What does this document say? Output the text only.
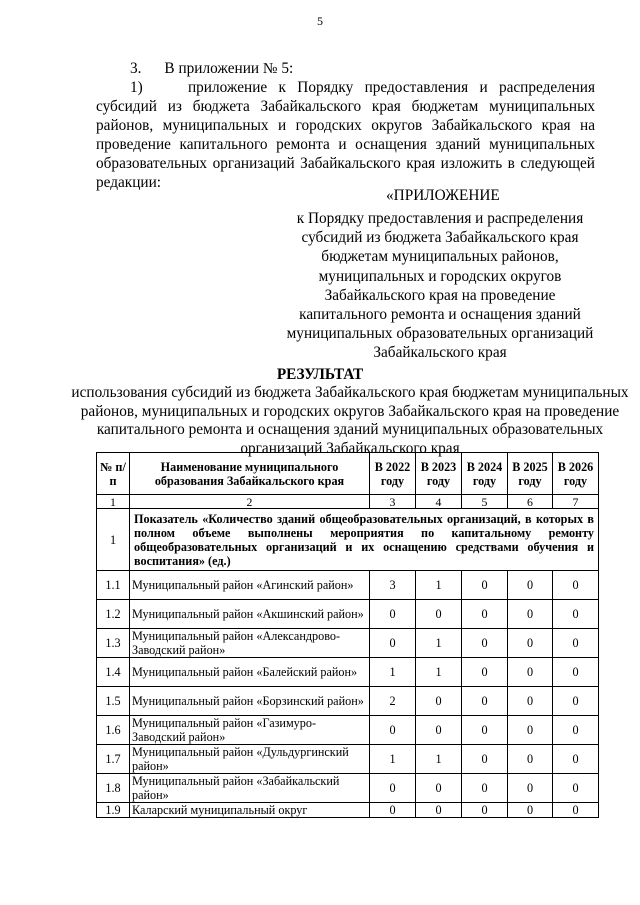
5
3.      В приложении № 5:
1)    приложение к Порядку предоставления и распределения
субсидий из бюджета Забайкальского края бюджетам муниципальных
районов, муниципальных и городских округов Забайкальского края на
проведение капитального ремонта и оснащения зданий муниципальных
образовательных организаций Забайкальского края изложить в следующей
редакции:
«ПРИЛОЖЕНИЕ
к Порядку предоставления и распределения субсидий из бюджета Забайкальского края бюджетам муниципальных районов, муниципальных и городских округов Забайкальского края на проведение капитального ремонта и оснащения зданий муниципальных образовательных организаций Забайкальского края
РЕЗУЛЬТАТ
использования субсидий из бюджета Забайкальского края бюджетам муниципальных районов, муниципальных и городских округов Забайкальского края на проведение капитального ремонта и оснащения зданий муниципальных образовательных организаций Забайкальского края
№ п/п	Наименование муниципального образования Забайкальского края	В 2022 году	В 2023 году	В 2024 году	В 2025 году	В 2026 году
1	2	3	4	5	6	7
1	Показатель «Количество зданий общеобразовательных организаций, в которых в полном объеме выполнены мероприятия по капитальному ремонту общеобразовательных организаций и их оснащению средствами обучения и воспитания» (ед.)					
1.1	Муниципальный район «Агинский район»	3	1	0	0	0
1.2	Муниципальный район «Акшинский район»	0	0	0	0	0
1.3	Муниципальный район «Александрово-Заводский район»	0	1	0	0	0
1.4	Муниципальный район «Балейский район»	1	1	0	0	0
1.5	Муниципальный район «Борзинский район»	2	0	0	0	0
1.6	Муниципальный район «Газимуро-Заводский район»	0	0	0	0	0
1.7	Муниципальный район «Дульдургинский район»	1	1	0	0	0
1.8	Муниципальный район «Забайкальский район»	0	0	0	0	0
1.9	Каларский муниципальный округ	0	0	0	0	0
